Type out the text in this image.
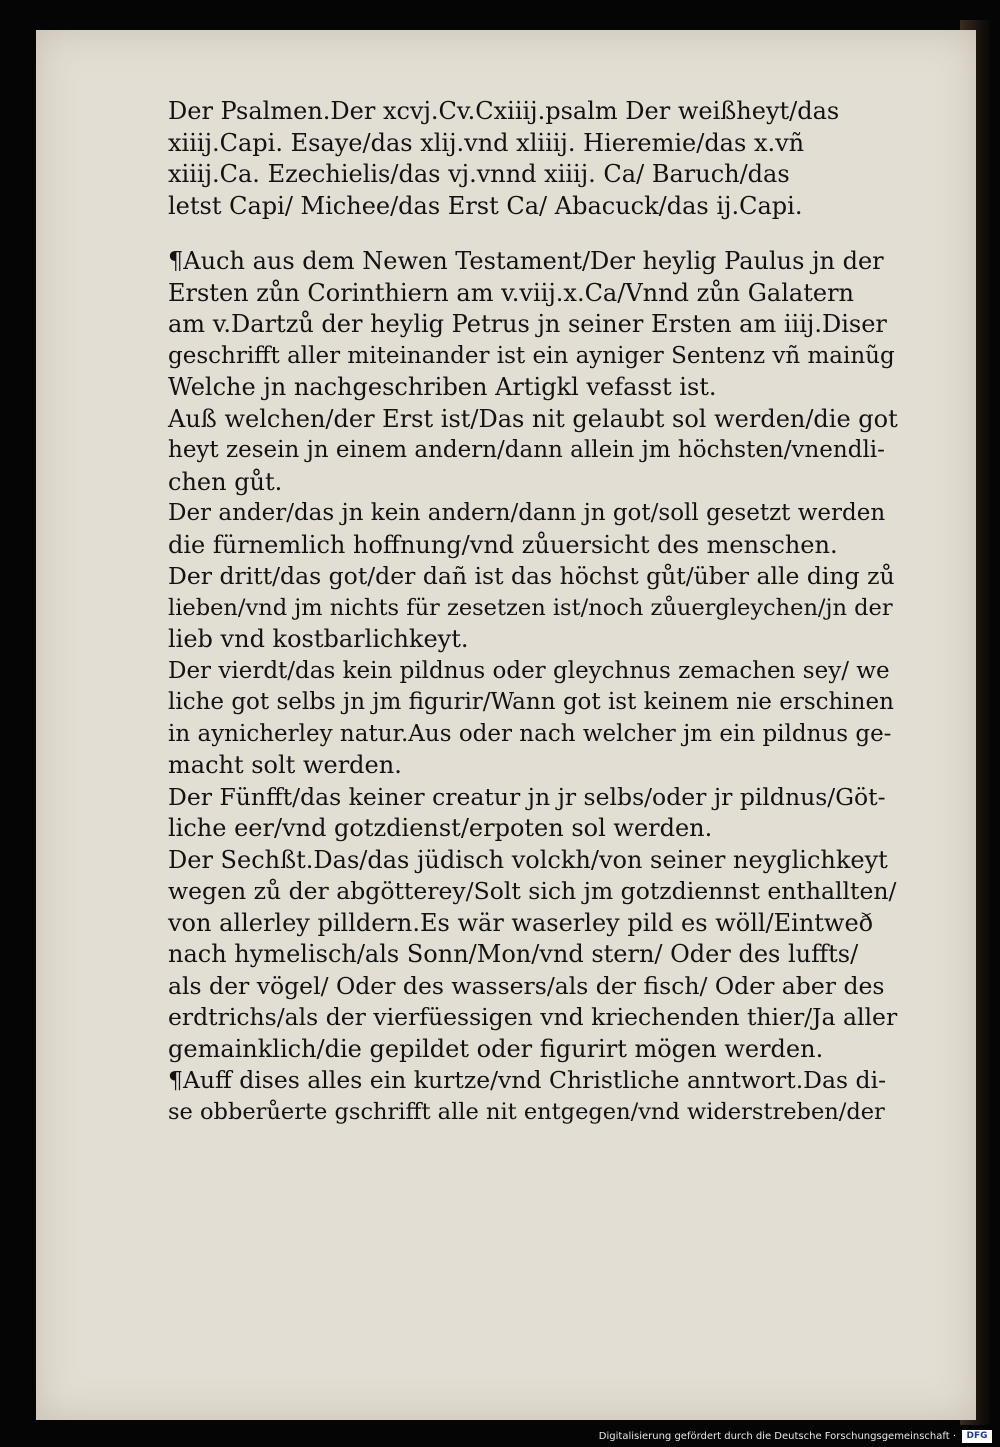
Der Psalmen.Der xcvj.Cv.Cxiiij.psalm Der weißheyt/das
xiiij.Capi. Esaye/das xlij.vnd xliiij. Hieremie/das x.vñ
xiiij.Ca. Ezechielis/das vj.vnnd xiiij. Ca/ Baruch/das
letst Capi/ Michee/das Erst Ca/ Abacuck/das ij.Capi.

¶Auch aus dem Newen Testament/Der heylig Paulus jn der
Ersten zůn Corinthiern am v.viij.x.Ca/Vnnd zůn Galatern
am v.Dartzů der heylig Petrus jn seiner Ersten am iiij.Diser
geschrifft aller miteinander ist ein ayniger Sentenz vñ mainũg
Welche jn nachgeschriben Artigkl vefasst ist.

Auß welchen/der Erst ist/Das nit gelaubt sol werden/die got
heyt zesein jn einem andern/dann allein jm höchsten/vnendli-
chen gůt.

Der ander/das jn kein andern/dann jn got/soll gesetzt werden
die fürnemlich hoffnung/vnd zůuersicht des menschen.

Der dritt/das got/der dañ ist das höchst gůt/über alle ding zů
lieben/vnd jm nichts für zesetzen ist/noch zůuergleychen/jn der
lieb vnd kostbarlichkeyt.

Der vierdt/das kein pildnus oder gleychnus zemachen sey/ we
liche got selbs jn jm figurir/Wann got ist keinem nie erschinen
in aynicherley natur.Aus oder nach welcher jm ein pildnus ge-
macht solt werden.

Der Fünfft/das keiner creatur jn jr selbs/oder jr pildnus/Göt-
liche eer/vnd gotzdienst/erpoten sol werden.

Der Sechßt.Das/das jüdisch volckh/von seiner neyglichkeyt
wegen zů der abgötterey/Solt sich jm gotzdiennst enthallten/
von allerley pilldern.Es wär waserley pild es wöll/Eintweð
nach hymelisch/als Sonn/Mon/vnd stern/ Oder des luffts/
als der vögel/ Oder des wassers/als der fisch/ Oder aber des
erdtrichs/als der vierfüessigen vnd kriechenden thier/Ja aller
gemainklich/die gepildet oder figurirt mögen werden.

¶Auff dises alles ein kurtze/vnd Christliche anntwort.Das di-
se obberůerte gschrifft alle nit entgegen/vnd widerstreben/der

Digitalisierung gefördert durch die Deutsche Forschungsgemeinschaft ·	DFG
